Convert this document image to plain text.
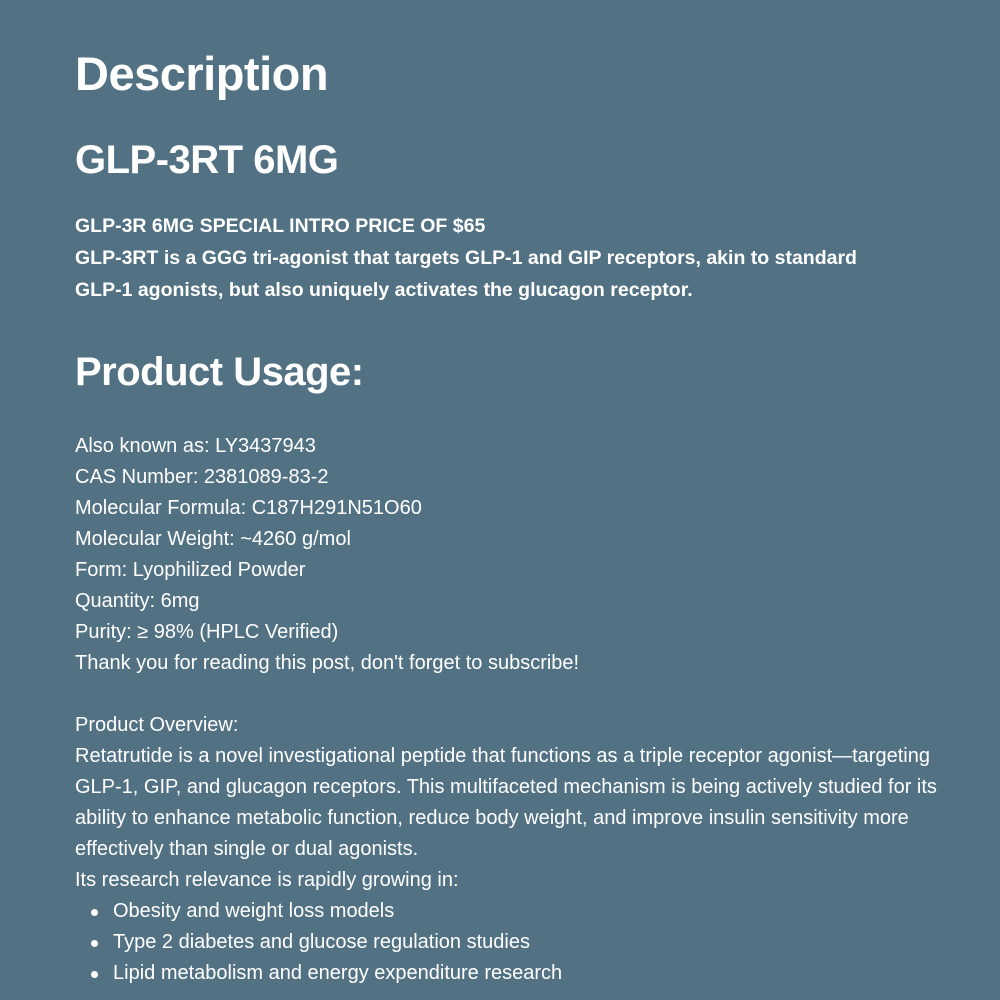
Description
GLP-3RT 6MG
GLP-3R 6MG SPECIAL INTRO PRICE OF $65
GLP-3RT is a GGG tri-agonist that targets GLP-1 and GIP receptors, akin to standard
GLP-1 agonists, but also uniquely activates the glucagon receptor.
Product Usage:
Also known as: LY3437943
CAS Number: 2381089-83-2
Molecular Formula: C187H291N51O60
Molecular Weight: ~4260 g/mol
Form: Lyophilized Powder
Quantity: 6mg
Purity: ≥ 98% (HPLC Verified)
Thank you for reading this post, don't forget to subscribe!

Product Overview:

Retatrutide is a novel investigational peptide that functions as a triple receptor agonist—targeting GLP-1, GIP, and glucagon receptors. This multifaceted mechanism is being actively studied for its ability to enhance metabolic function, reduce body weight, and improve insulin sensitivity more effectively than single or dual agonists.

Its research relevance is rapidly growing in:

Obesity and weight loss models
Type 2 diabetes and glucose regulation studies
Lipid metabolism and energy expenditure research
